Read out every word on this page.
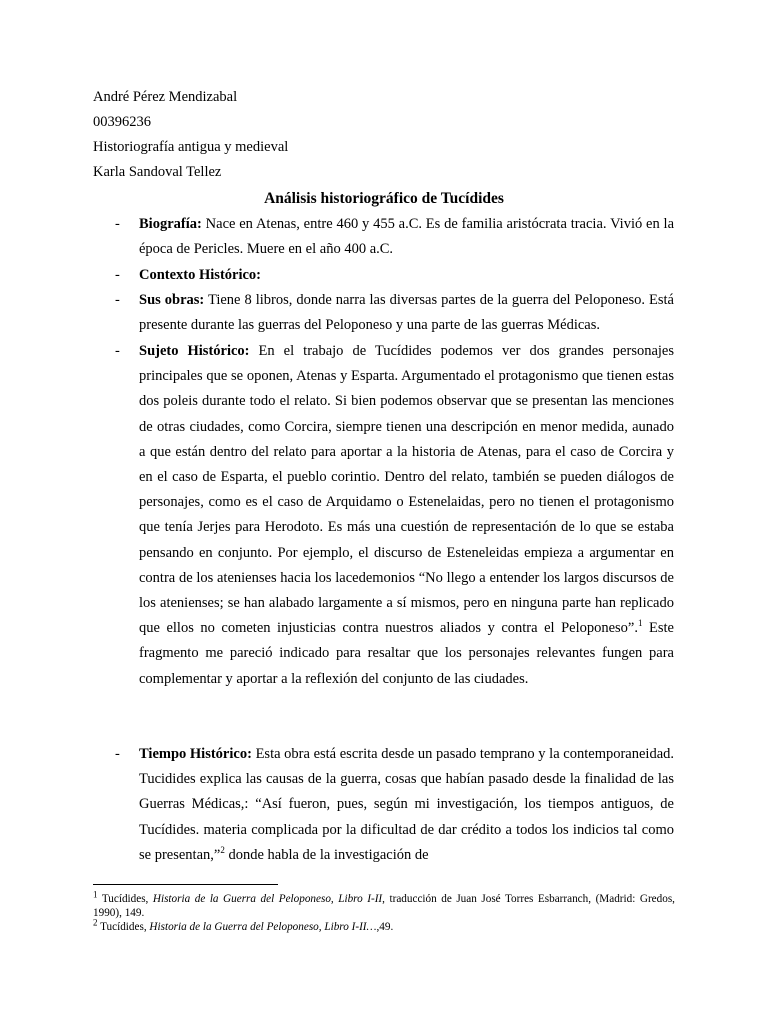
André Pérez Mendizabal
00396236
Historiografía antigua y medieval
Karla Sandoval Tellez
Análisis historiográfico de Tucídides
- Biografía: Nace en Atenas, entre 460 y 455 a.C. Es de familia aristócrata tracia. Vivió en la época de Pericles. Muere en el año 400 a.C.
- Contexto Histórico:
- Sus obras: Tiene 8 libros, donde narra las diversas partes de la guerra del Peloponeso. Está presente durante las guerras del Peloponeso y una parte de las guerras Médicas.
- Sujeto Histórico: En el trabajo de Tucídides podemos ver dos grandes personajes principales que se oponen, Atenas y Esparta. Argumentado el protagonismo que tienen estas dos poleis durante todo el relato. Si bien podemos observar que se presentan las menciones de otras ciudades, como Corcira, siempre tienen una descripción en menor medida, aunado a que están dentro del relato para aportar a la historia de Atenas, para el caso de Corcira y en el caso de Esparta, el pueblo corintio. Dentro del relato, también se pueden diálogos de personajes, como es el caso de Arquidamo o Estenelaidas, pero no tienen el protagonismo que tenía Jerjes para Herodoto. Es más una cuestión de representación de lo que se estaba pensando en conjunto. Por ejemplo, el discurso de Esteneleidas empieza a argumentar en contra de los atenienses hacia los lacedemonios “No llego a entender los largos discursos de los atenienses; se han alabado largamente a sí mismos, pero en ninguna parte han replicado que ellos no cometen injusticias contra nuestros aliados y contra el Peloponeso”.$^1$ Este fragmento me pareció indicado para resaltar que los personajes relevantes fungen para complementar y aportar a la reflexión del conjunto de las ciudades.
- Tiempo Histórico: Esta obra está escrita desde un pasado temprano y la contemporaneidad. Tucidides explica las causas de la guerra, cosas que habían pasado desde la finalidad de las Guerras Médicas,: “Así fueron, pues, según mi investigación, los tiempos antiguos, de Tucídides. materia complicada por la dificultad de dar crédito a todos los indicios tal como se presentan,”$^2$ donde habla de la investigación de
$^1$ Tucídides, Historia de la Guerra del Peloponeso, Libro I-II, traducción de Juan José Torres Esbarranch, (Madrid: Gredos, 1990), 149.
$^2$ Tucídides, Historia de la Guerra del Peloponeso, Libro I-II…,49.
